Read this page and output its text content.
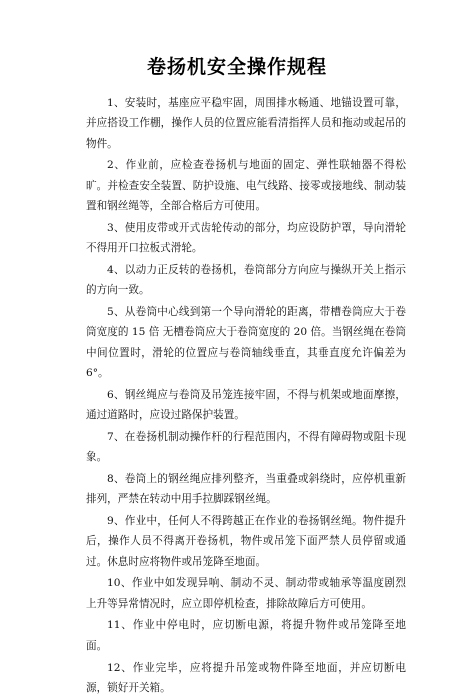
卷扬机安全操作规程

1、安装时，基座应平稳牢固，周围排水畅通、地锚设置可靠，并应搭设工作棚，操作人员的位置应能看清指挥人员和拖动或起吊的物件。

2、作业前，应检查卷扬机与地面的固定、弹性联轴器不得松旷。并检查安全装置、防护设施、电气线路、接零或接地线、制动装置和钢丝绳等，全部合格后方可使用。

3、使用皮带或开式齿轮传动的部分，均应设防护罩，导向滑轮不得用开口拉板式滑轮。

4、以动力正反转的卷扬机，卷筒部分方向应与操纵开关上指示的方向一致。

5、从卷筒中心线到第一个导向滑轮的距离，带槽卷筒应大于卷筒宽度的 15 倍 无槽卷筒应大于卷筒宽度的 20 倍。当钢丝绳在卷筒中间位置时，滑轮的位置应与卷筒轴线垂直，其垂直度允许偏差为 6°。

6、钢丝绳应与卷筒及吊笼连接牢固，不得与机架或地面摩擦，通过道路时，应设过路保护装置。

7、在卷扬机制动操作杆的行程范围内，不得有障碍物或阻卡现象。

8、卷筒上的钢丝绳应排列整齐，当重叠或斜绕时，应停机重新排列，严禁在转动中用手拉脚踩钢丝绳。

9、作业中，任何人不得跨越正在作业的卷扬钢丝绳。物件提升后，操作人员不得离开卷扬机，物件或吊笼下面严禁人员停留或通过。休息时应将物件或吊笼降至地面。

10、作业中如发现异响、制动不灵、制动带或轴承等温度剧烈上升等异常情况时，应立即停机检查，排除故障后方可使用。

11、作业中停电时，应切断电源，将提升物件或吊笼降至地面。

12、作业完毕，应将提升吊笼或物件降至地面，并应切断电源，锁好开关箱。
